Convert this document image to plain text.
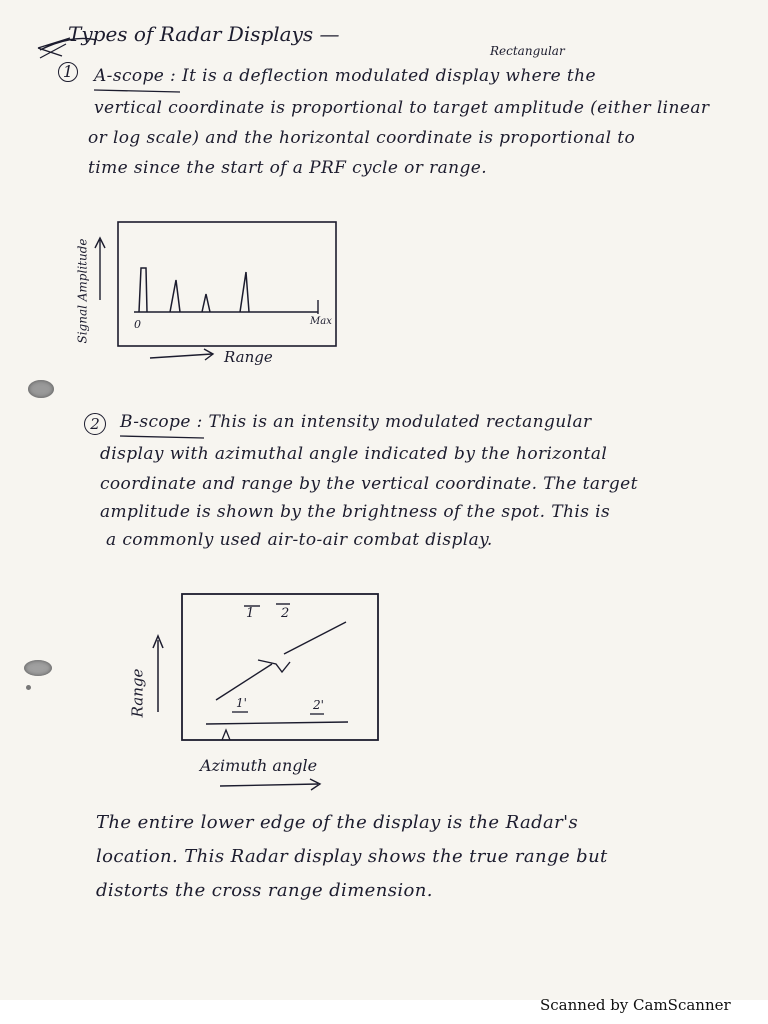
Types of Radar Displays —
1
Rectangular
A-scope : It is a deflection modulated display where the
vertical coordinate is proportional to target amplitude (either linear
or log scale) and the horizontal coordinate is proportional to
time since the start of a PRF cycle or range.
Signal Amplitude	0	Max
Range
2	B-scope : This is an intensity modulated rectangular
display with azimuthal angle indicated by the horizontal
coordinate and range by the vertical coordinate. The target
amplitude is shown by the brightness of the spot. This is
a commonly used air-to-air combat display.
1 2
1'	2'
Range
Azimuth angle
The entire lower edge of the display is the Radar's
location. This Radar display shows the true range but
distorts the cross range dimension.
Scanned by CamScanner
